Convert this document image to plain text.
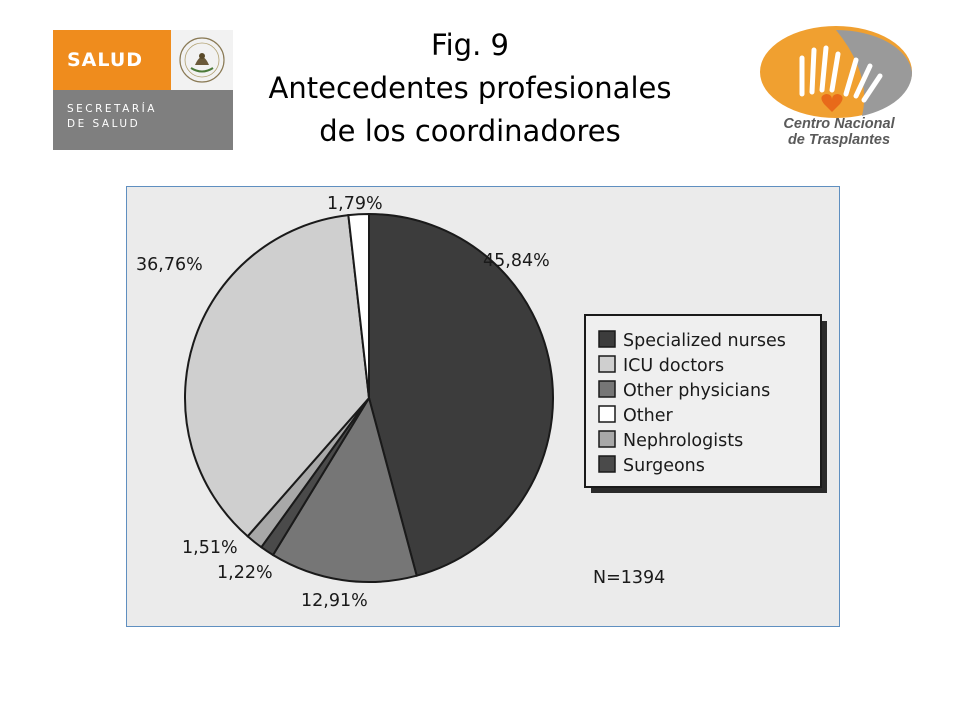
SALUD
SECRETARÍA
DE SALUD
Fig. 9
Antecedentes profesionales
de los coordinadores	Centro Nacional
de Trasplantes
45,84%
12,91%
1,22%
1,51%
36,76%
1,79%
Specialized nurses
ICU doctors
Other physicians
Other
Nephrologists
Surgeons
N=1394
